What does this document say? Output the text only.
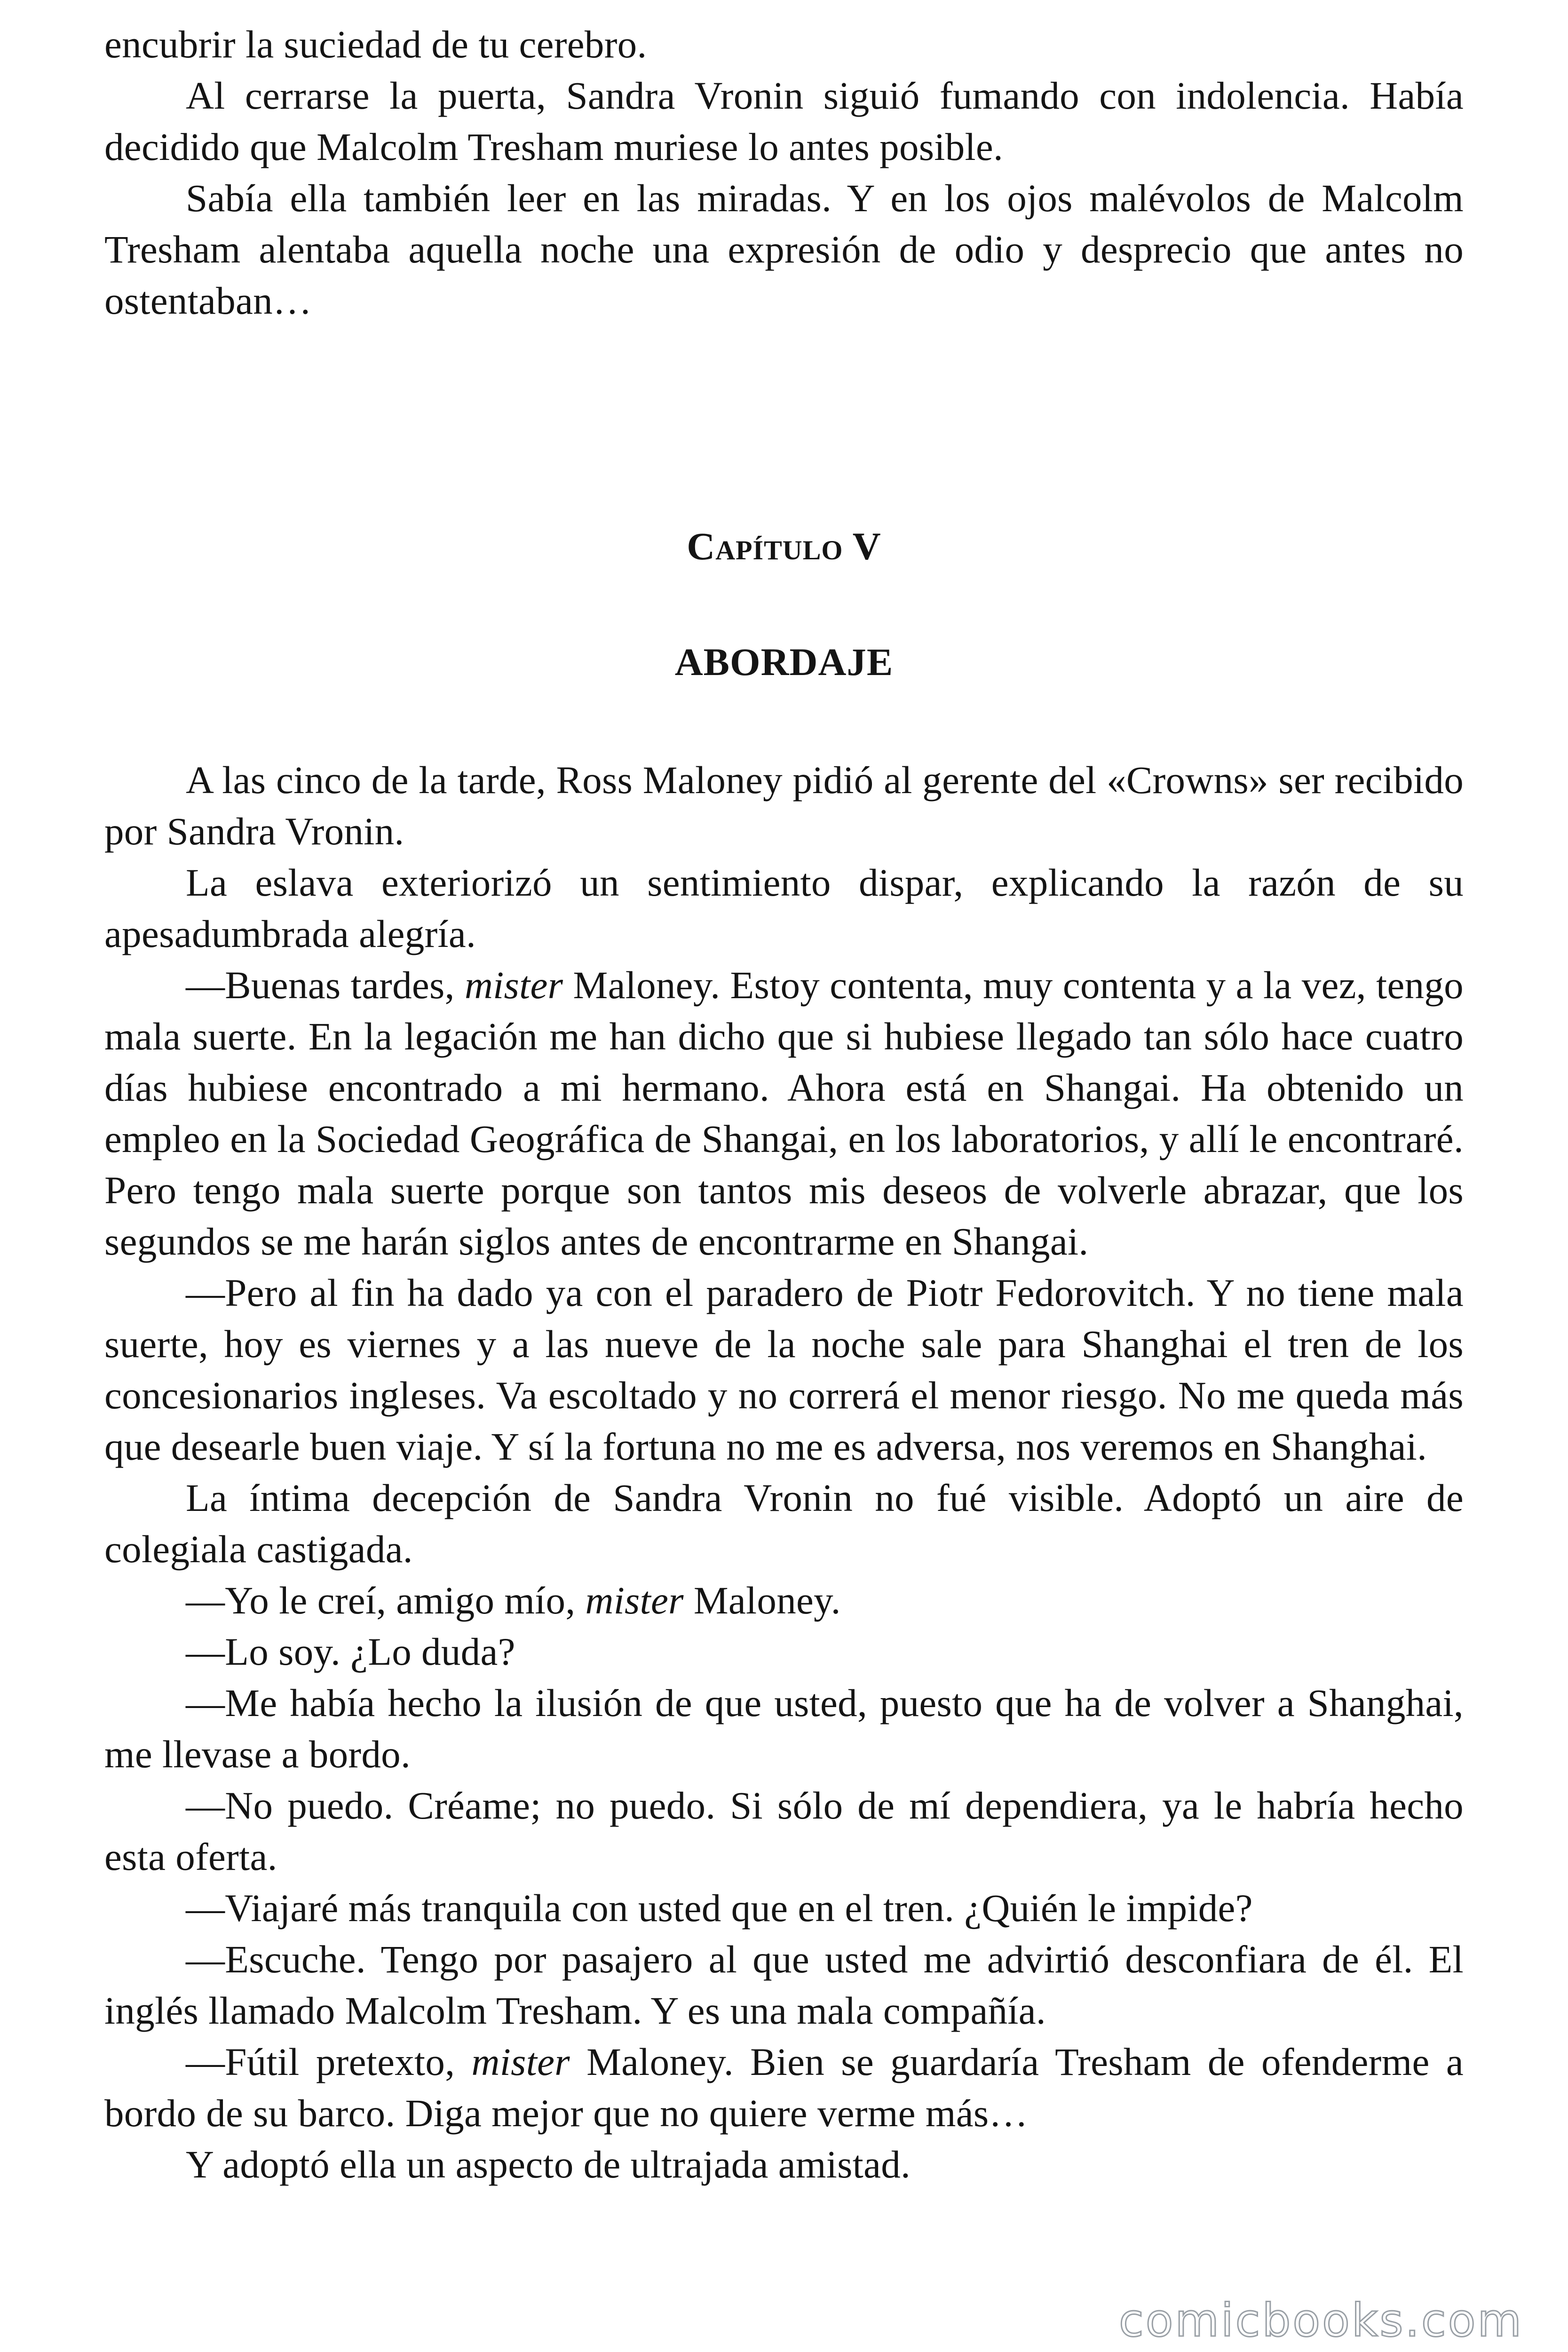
encubrir la suciedad de tu cerebro.

Al cerrarse la puerta, Sandra Vronin siguió fumando con indolencia. Había decidido que Malcolm Tresham muriese lo antes posible.

Sabía ella también leer en las miradas. Y en los ojos malévolos de Malcolm Tresham alentaba aquella noche una expresión de odio y desprecio que antes no ostentaban…

Capítulo V
ABORDAJE

A las cinco de la tarde, Ross Maloney pidió al gerente del «Crowns» ser recibido por Sandra Vronin.

La eslava exteriorizó un sentimiento dispar, explicando la razón de su apesadumbrada alegría.

—Buenas tardes, mister Maloney. Estoy contenta, muy contenta y a la vez, tengo mala suerte. En la legación me han dicho que si hubiese llegado tan sólo hace cuatro días hubiese encontrado a mi hermano. Ahora está en Shangai. Ha obtenido un empleo en la Sociedad Geográfica de Shangai, en los laboratorios, y allí le encontraré. Pero tengo mala suerte porque son tantos mis deseos de volverle abrazar, que los segundos se me harán siglos antes de encontrarme en Shangai.

—Pero al fin ha dado ya con el paradero de Piotr Fedorovitch. Y no tiene mala suerte, hoy es viernes y a las nueve de la noche sale para Shanghai el tren de los concesionarios ingleses. Va escoltado y no correrá el menor riesgo. No me queda más que desearle buen viaje. Y sí la fortuna no me es adversa, nos veremos en Shanghai.

La íntima decepción de Sandra Vronin no fué visible. Adoptó un aire de colegiala castigada.

—Yo le creí, amigo mío, mister Maloney.

—Lo soy. ¿Lo duda?

—Me había hecho la ilusión de que usted, puesto que ha de volver a Shanghai, me llevase a bordo.

—No puedo. Créame; no puedo. Si sólo de mí dependiera, ya le habría hecho esta oferta.

—Viajaré más tranquila con usted que en el tren. ¿Quién le impide?

—Escuche. Tengo por pasajero al que usted me advirtió desconfiara de él. El inglés llamado Malcolm Tresham. Y es una mala compañía.

—Fútil pretexto, mister Maloney. Bien se guardaría Tresham de ofenderme a bordo de su barco. Diga mejor que no quiere verme más…

Y adoptó ella un aspecto de ultrajada amistad.

comicbooks.com
